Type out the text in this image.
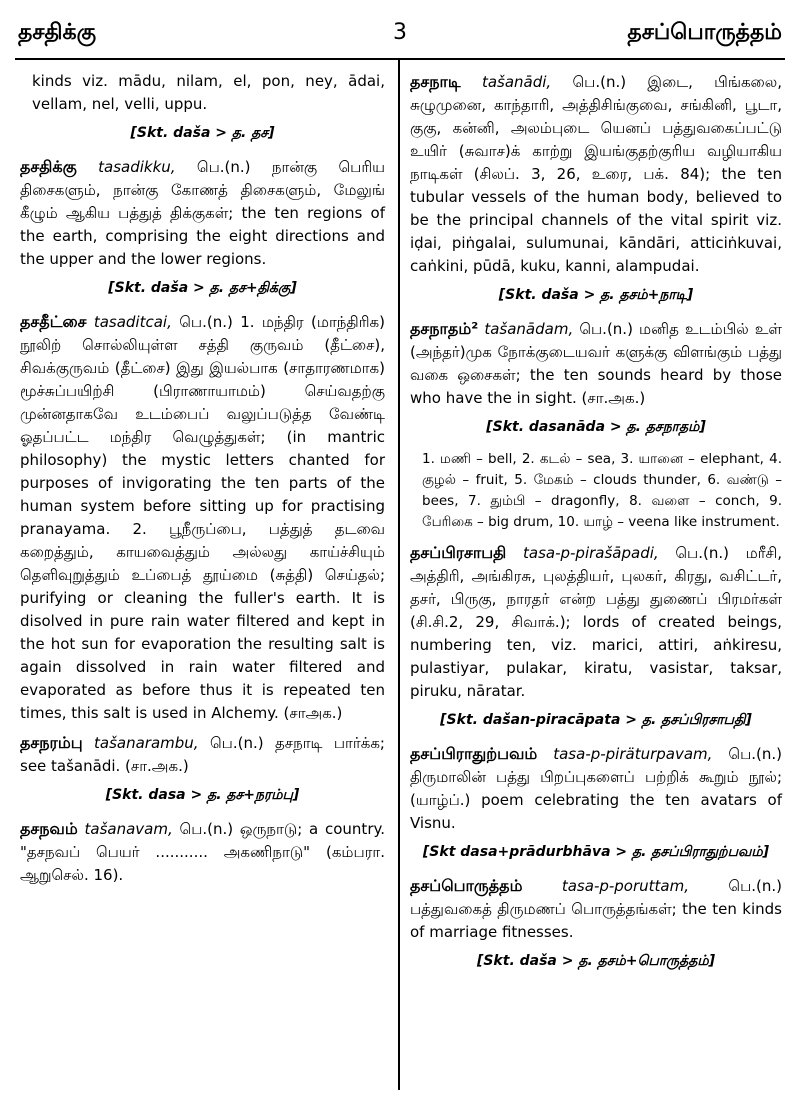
தசதிக்கு	3	தசப்பொருத்தம்

kinds viz. mādu, nilam, el, pon, ney, ādai, vellam, nel, velli, uppu.

[Skt. daša > த. தச]

தசதிக்கு tasadikku, பெ.(n.) நான்கு பெரிய திசைகளும், நான்கு கோணத் திசைகளும், மேலுங் கீழும் ஆகிய பத்துத் திக்குகள்; the ten regions of the earth, comprising the eight directions and the upper and the lower regions.

[Skt. daša > த. தச+திக்கு]

தசதீட்சை tasaditcai, பெ.(n.) 1. மந்திர (மாந்திரிக) நூலிற் சொல்லியுள்ள சத்தி குருவம் (தீட்சை), சிவக்குருவம் (தீட்சை) இது இயல்பாக (சாதாரணமாக) மூச்சுப்பயிற்சி (பிராணாயாமம்) செய்வதற்கு முன்னதாகவே உடம்பைப் வலுப்படுத்த வேண்டி ஓதப்பட்ட மந்திர வெழுத்துகள்; (in mantric philosophy) the mystic letters chanted for purposes of invigorating the ten parts of the human system before sitting up for practising pranayama. 2. பூநீருப்பை, பத்துத் தடவை கறைத்தும், காயவைத்தும் அல்லது காய்ச்சியும் தெளிவுறுத்தும் உப்பைத் தூய்மை (சுத்தி) செய்தல்; purifying or cleaning the fuller's earth. It is disolved in pure rain water filtered and kept in the hot sun for evaporation the resulting salt is again dissolved in rain water filtered and evaporated as before thus it is repeated ten times, this salt is used in Alchemy. (சாஅக.)

தசநரம்பு tašanarambu, பெ.(n.) தசநாடி பார்க்க; see tašanādi. (சா.அக.)

[Skt. dasa > த. தச+நரம்பு]

தசநவம் tašanavam, பெ.(n.) ஒருநாடு; a country. "தசநவப் பெயர் ........... அகணிநாடு" (கம்பரா. ஆறுசெல். 16).

தசநாடி tašanādi, பெ.(n.) இடை, பிங்கலை, சுழுமுனை, காந்தாரி, அத்திசிங்குவை, சங்கினி, பூடா, குகு, கன்னி, அலம்புடை யெனப் பத்துவகைப்பட்டு உயிர் (சுவாச)க் காற்று இயங்குதற்குரிய வழியாகிய நாடிகள் (சிலப். 3, 26, உரை, பக். 84); the ten tubular vessels of the human body, believed to be the principal channels of the vital spirit viz. iḍai, piṅgalai, sulumunai, kāndāri, atticiṅkuvai, caṅkini, pūdā, kuku, kanni, alampudai.

[Skt. daša > த. தசம்+நாடி]

தசநாதம்² tašanādam, பெ.(n.) மனித உடம்பில் உள் (அந்தர்)முக நோக்குடையவர் களுக்கு விளங்கும் பத்து வகை ஒசைகள்; the ten sounds heard by those who have the in sight. (சா.அக.)

[Skt. dasanāda > த. தசநாதம்]

1. மணி – bell, 2. கடல் – sea, 3. யானை – elephant, 4. குழல் – fruit, 5. மேகம் – clouds thunder, 6. வண்டு – bees, 7. தும்பி – dragonfly, 8. வளை – conch, 9. பேரிகை – big drum, 10. யாழ் – veena like instrument.

தசப்பிரசாபதி tasa-p-pirašāpadi, பெ.(n.) மரீசி, அத்திரி, அங்கிரசு, புலத்தியர், புலகர், கிரது, வசிட்டர், தசர், பிருகு, நாரதர் என்ற பத்து துணைப் பிரமர்கள் (சி.சி.2, 29, சிவாக்.); lords of created beings, numbering ten, viz. marici, attiri, aṅkiresu, pulastiyar, pulakar, kiratu, vasistar, taksar, piruku, nāratar.

[Skt. dašan-piracāpata > த. தசப்பிரசாபதி]

தசப்பிராதுற்பவம் tasa-p-piräturpavam, பெ.(n.) திருமாலின் பத்து பிறப்புகளைப் பற்றிக் கூறும் நூல்; (யாழ்ப்.) poem celebrating the ten avatars of Visnu.

[Skt dasa+prādurbhāva > த. தசப்பிராதுற்பவம்]

தசப்பொருத்தம்	tasa-p-poruttam,	பெ.(n.) பத்துவகைத் திருமணப் பொருத்தங்கள்; the ten kinds of marriage fitnesses.

[Skt. daša > த. தசம்+பொருத்தம்]
